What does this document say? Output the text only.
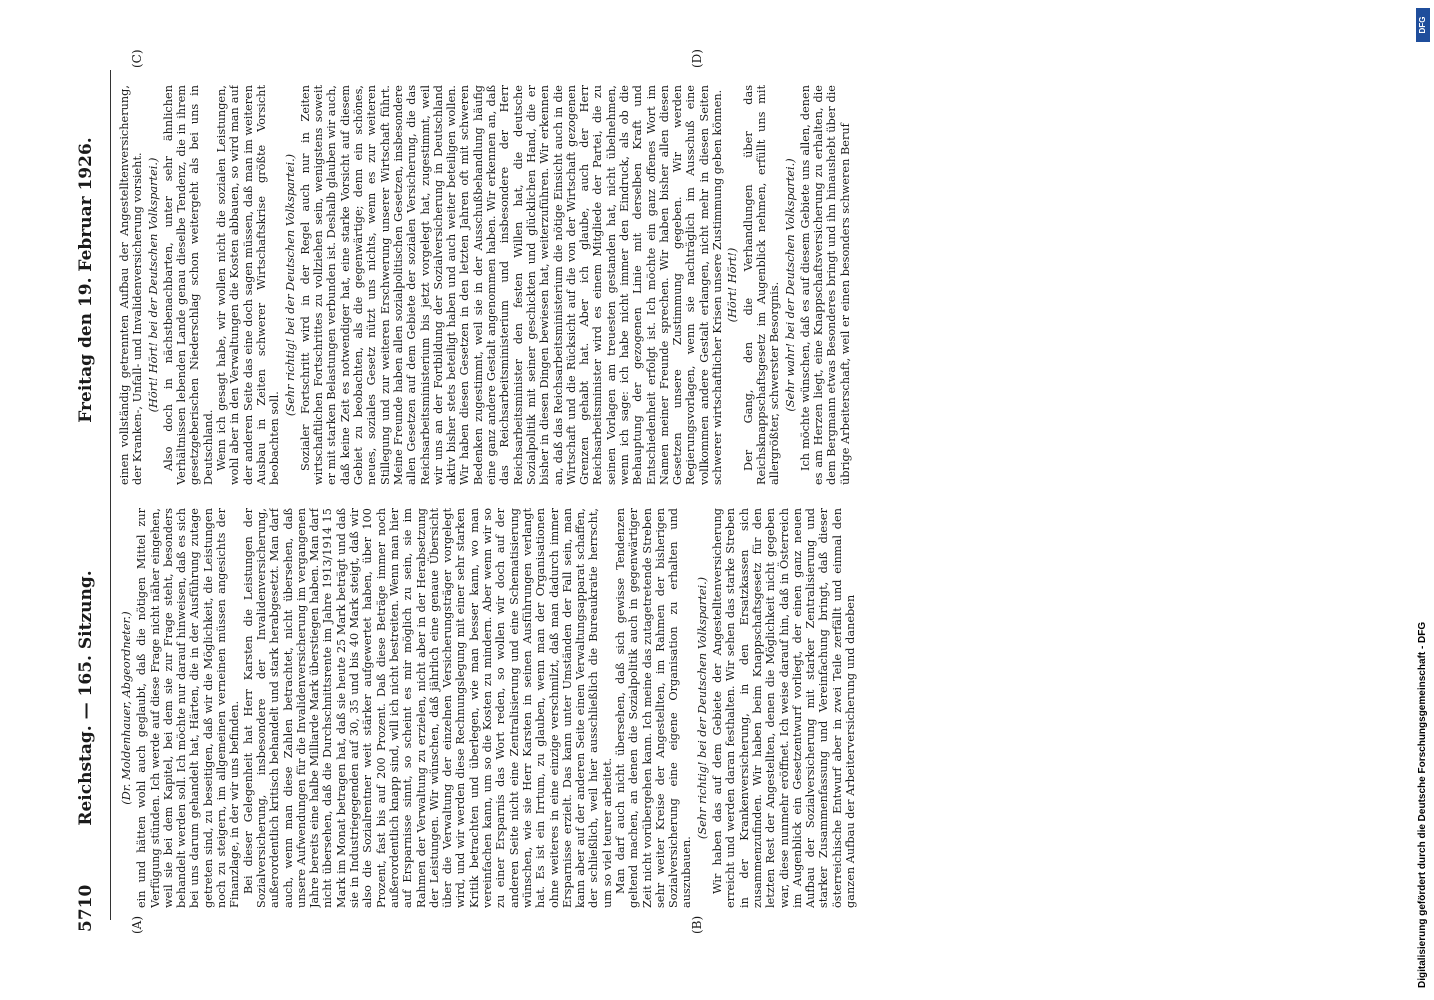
5710
Reichstag. — 165. Sitzung.
Freitag den 19. Februar 1926.
(A)	(B)
(C)	(D)

(Dr. Moldenhauer, Abgeordneter.) ein und hätten wohl auch geglaubt, daß die nötigen Mittel zur Verfügung stünden. Ich werde auf diese Frage nicht näher eingehen, weil sie bei dem Kapitel, bei dem sie zur Frage steht, besonders behandelt werden soll. Ich möchte nur darauf hinweisen, daß es sich bei uns darum gehandelt hat, Härten, die in der Ausführung zutage getreten sind, zu beseitigen, daß wir die Möglichkeit, die Leistungen noch zu steigern, im allgemeinen verneinen müssen angesichts der Finanzlage, in der wir uns befinden. Bei dieser Gelegenheit hat Herr Karsten die Leistungen der Sozialversicherung, insbesondere der Invalidenversicherung, außerordentlich kritisch behandelt und stark herabgesetzt. Man darf auch, wenn man diese Zahlen betrachtet, nicht übersehen, daß unsere Aufwendungen für die Invalidenversicherung im vergangenen Jahre bereits eine halbe Milliarde Mark überstiegen haben. Man darf nicht übersehen, daß die Durchschnittsrente im Jahre 1913/1914 15 Mark im Monat betragen hat, daß sie heute 25 Mark beträgt und daß sie in Industriegegenden auf 30, 35 und bis 40 Mark steigt, daß wir also die Sozialrentner weit stärker aufgewertet haben, über 100 Prozent, fast bis auf 200 Prozent. Daß diese Beträge immer noch außerordentlich knapp sind, will ich nicht bestreiten. Wenn man hier auf Ersparnisse sinnt, so scheint es mir möglich zu sein, sie im Rahmen der Verwaltung zu erzielen, nicht aber in der Herabsetzung der Leistungen. Wir wünschen, daß jährlich eine genaue Übersicht über die Verwaltung der einzelnen Versicherungsträger vorgelegt wird, und wir werden diese Rechnungslegung mit einer sehr starken Kritik betrachten und überlegen, wie man besser kann, wo man vereinfachen kann, um so die Kosten zu mindern. Aber wenn wir so zu einer Ersparnis das Wort reden, so wollen wir doch auf der anderen Seite nicht eine Zentralisierung und eine Schematisierung wünschen, wie sie Herr Karsten in seinen Ausführungen verlangt hat. Es ist ein Irrtum, zu glauben, wenn man der Organisationen ohne weiteres in eine einzige verschmilzt, daß man dadurch immer Ersparnisse erzielt. Das kann unter Umständen der Fall sein, man kann aber auf der anderen Seite einen Verwaltungsapparat schaffen, der schließlich, weil hier ausschließlich die Bureaukratie herrscht, um so viel teurer arbeitet. Man darf auch nicht übersehen, daß sich gewisse Tendenzen geltend machen, an denen die Sozialpolitik auch in gegenwärtiger Zeit nicht vorübergehen kann. Ich meine das zutagetretende Streben sehr weiter Kreise der Angestellten, im Rahmen der bisherigen Sozialversicherung eine eigene Organisation zu erhalten und auszubauen.

(Sehr richtig! bei der Deutschen Volkspartei.) Wir haben das auf dem Gebiete der Angestelltenversicherung erreicht und werden daran festhalten. Wir sehen das starke Streben in der Krankenversicherung, in den Ersatzkassen sich zusammenzufinden. Wir haben beim Knappschaftsgesetz für den letzten Rest der Angestellten, denen die Möglichkeit nicht gegeben war, diese nunmehr eröffnet. Ich weise darauf hin, daß in Österreich im Augenblick ein Gesetzentwurf vorliegt, der einen ganz neuen Aufbau der Sozialversicherung mit starker Zentralisierung und starker Zusammenfassung und Vereinfachung bringt, daß dieser österreichische Entwurf aber in zwei Teile zerfällt und einmal den ganzen Aufbau der Arbeiterversicherung und daneben

einen vollständig getrennten Aufbau der Angestelltenversicherung, der Kranken-, Unfall- und Invalidenversicherung vorsieht. (Hört! Hört! bei der Deutschen Volkspartei.) Also doch in nächstbenachbarten, unter sehr ähnlichen Verhältnissen lebenden Lande genau dieselbe Tendenz, die in ihrem gesetzgeberischen Niederschlag schon weitergeht als bei uns in Deutschland. Wenn ich gesagt habe, wir wollen nicht die sozialen Leistungen, wohl aber in den Verwaltungen die Kosten abbauen, so wird man auf der anderen Seite das eine doch sagen müssen, daß man im weiteren Ausbau in Zeiten schwerer Wirtschaftskrise größte Vorsicht beobachten soll.

(Sehr richtig! bei der Deutschen Volkspartei.) Sozialer Fortschritt wird in der Regel auch nur in Zeiten wirtschaftlichen Fortschrittes zu vollziehen sein, wenigstens soweit er mit starken Belastungen verbunden ist. Deshalb glauben wir auch, daß keine Zeit es notwendiger hat, eine starke Vorsicht auf diesem Gebiet zu beobachten, als die gegenwärtige; denn ein schönes, neues, soziales Gesetz nützt uns nichts, wenn es zur weiteren Stillegung und zur weiteren Erschwerung unserer Wirtschaft führt. Meine Freunde haben allen sozialpolitischen Gesetzen, insbesondere allen Gesetzen auf dem Gebiete der sozialen Versicherung, die das Reichsarbeitsministerium bis jetzt vorgelegt hat, zugestimmt, weil wir uns an der Fortbildung der Sozialversicherung in Deutschland aktiv bisher stets beteiligt haben und auch weiter beteiligen wollen. Wir haben diesen Gesetzen in den letzten Jahren oft mit schweren Bedenken zugestimmt, weil sie in der Ausschußbehandlung häufig eine ganz andere Gestalt angenommen haben. Wir erkennen an, daß das Reichsarbeitsministerium und insbesondere der Herr Reichsarbeitsminister den festen Willen hat, die deutsche Sozialpolitik mit seiner geschickten und glücklichen Hand, die er bisher in diesen Dingen bewiesen hat, weiterzuführen. Wir erkennen an, daß das Reichsarbeitsministerium die nötige Einsicht auch in die Wirtschaft und die Rücksicht auf die von der Wirtschaft gezogenen Grenzen gehabt hat. Aber ich glaube, auch der Herr Reichsarbeitsminister wird es einem Mitgliede der Partei, die zu seinen Vorlagen am treuesten gestanden hat, nicht übelnehmen, wenn ich sage: ich habe nicht immer den Eindruck, als ob die Behauptung der gezogenen Linie mit derselben Kraft und Entschiedenheit erfolgt ist. Ich möchte ein ganz offenes Wort im Namen meiner Freunde sprechen. Wir haben bisher allen diesen Gesetzen unsere Zustimmung gegeben. Wir werden Regierungsvorlagen, wenn sie nachträglich im Ausschuß eine vollkommen andere Gestalt erlangen, nicht mehr in diesen Seiten schwerer wirtschaftlicher Krisen unsere Zustimmung geben können. (Hört! Hört!) Der Gang, den die Verhandlungen über das Reichsknappschaftsgesetz im Augenblick nehmen, erfüllt uns mit allergrößter, schwerster Besorgnis. (Sehr wahr! bei der Deutschen Volkspartei.) Ich möchte wünschen, daß es auf diesem Gebiete uns allen, denen es am Herzen liegt, eine Knappschaftsversicherung zu erhalten, die dem Bergmann etwas Besonderes bringt und ihn hinaushebt über die übrige Arbeiterschaft, weil er einen besonders schweren Beruf

Digitalisierung gefördert durch die Deutsche Forschungsgemeinschaft - DFG
DFG
